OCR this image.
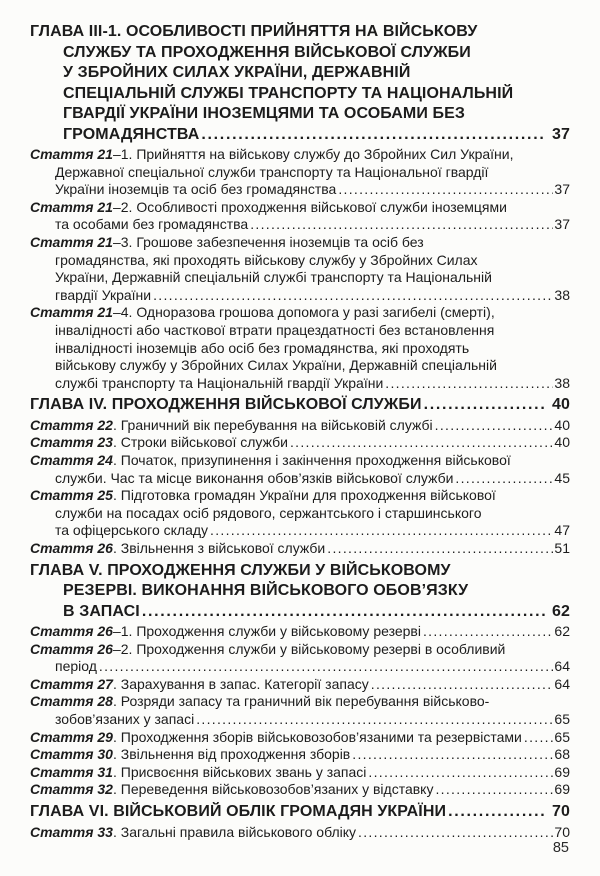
ГЛАВА III-1. ОСОБЛИВОСТІ ПРИЙНЯТТЯ НА ВІЙСЬКОВУ
СЛУЖБУ ТА ПРОХОДЖЕННЯ ВІЙСЬКОВОЇ СЛУЖБИ
У ЗБРОЙНИХ СИЛАХ УКРАЇНИ, ДЕРЖАВНІЙ
СПЕЦІАЛЬНІЙ СЛУЖБІ ТРАНСПОРТУ ТА НАЦІОНАЛЬНІЙ
ГВАРДІЇ УКРАЇНИ ІНОЗЕМЦЯМИ ТА ОСОБАМИ БЕЗ
ГРОМАДЯНСТВА .....	37
Стаття 21–1. Прийняття на військову службу до Збройних Сил України,
Державної спеціальної служби транспорту та Національної гвардії
України іноземців та осіб без громадянства .....	37
Стаття 21–2. Особливості проходження військової служби іноземцями
та особами без громадянства .....	37
Стаття 21–3. Грошове забезпечення іноземців та осіб без
громадянства, які проходять військову службу у Збройних Силах
України, Державній спеціальній службі транспорту та Національній
гвардії України .....	38
Стаття 21–4. Одноразова грошова допомога у разі загибелі (смерті),
інвалідності або часткової втрати працездатності без встановлення
інвалідності іноземців або осіб без громадянства, які проходять
військову службу у Збройних Силах України, Державній спеціальній
службі транспорту та Національній гвардії України .....	38
ГЛАВА IV. ПРОХОДЖЕННЯ ВІЙСЬКОВОЇ СЛУЖБИ .....	40
Стаття 22. Граничний вік перебування на військовій службі .....	40
Стаття 23. Строки військової служби .....	40
Стаття 24. Початок, призупинення і закінчення проходження військової
служби. Час та місце виконання обов’язків військової служби .....	45
Стаття 25. Підготовка громадян України для проходження військової
служби на посадах осіб рядового, сержантського і старшинського
та офіцерського складу .....	47
Стаття 26. Звільнення з військової служби .....	51
ГЛАВА V. ПРОХОДЖЕННЯ СЛУЖБИ У ВІЙСЬКОВОМУ
РЕЗЕРВІ. ВИКОНАННЯ ВІЙСЬКОВОГО ОБОВ’ЯЗКУ
В ЗАПАСІ .....	62
Стаття 26–1. Проходження служби у військовому резерві .....	62
Стаття 26–2. Проходження служби у військовому резерві в особливий
період .....	64
Стаття 27. Зарахування в запас. Категорії запасу .....	64
Стаття 28. Розряди запасу та граничний вік перебування військово-
зобов’язаних у запасі .....	65
Стаття 29. Проходження зборів військовозобов’язаними та резервістами ..... 65
Стаття 30. Звільнення від проходження зборів .....	68
Стаття 31. Присвоєння військових звань у запасі .....	69
Стаття 32. Переведення військовозобов’язаних у відставку .....	69
ГЛАВА VI. ВІЙСЬКОВИЙ ОБЛІК ГРОМАДЯН УКРАЇНИ .....	70
Стаття 33. Загальні правила військового обліку .....	70
85
